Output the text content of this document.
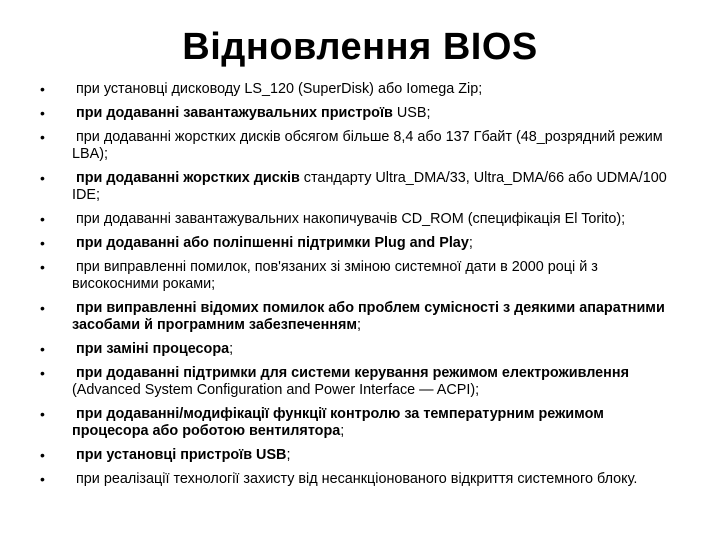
Відновлення BIOS
•	при установці дисководу LS_120 (SuperDisk) або Iomega Zip;
•	при додаванні завантажувальних пристроїв USB;
•	при додаванні жорстких дисків обсягом більше 8,4 або 137 Гбайт (48_розрядний режим LBA);
•	при додаванні жорстких дисків стандарту Ultra_DMA/33, Ultra_DMA/66 або UDMA/100 IDE;
•	при додаванні завантажувальних накопичувачів CD_ROM (специфікація El Torito);
•	при додаванні або поліпшенні підтримки Plug and Play;
•	при виправленні помилок, пов'язаних зі зміною системної дати в 2000 році й з високосними роками;
•	при виправленні відомих помилок або проблем сумісності з деякими апаратними засобами й програмним забезпеченням;
•	при заміні процесора;
•	при додаванні підтримки для системи керування режимом електроживлення (Advanced System Configuration and Power Interface — ACPI);
•	при додаванні/модифікації функції контролю за температурним режимом процесора або роботою вентилятора;
•	при установці пристроїв USB;
•	при реалізації технології захисту від несанкціонованого відкриття системного блоку.
